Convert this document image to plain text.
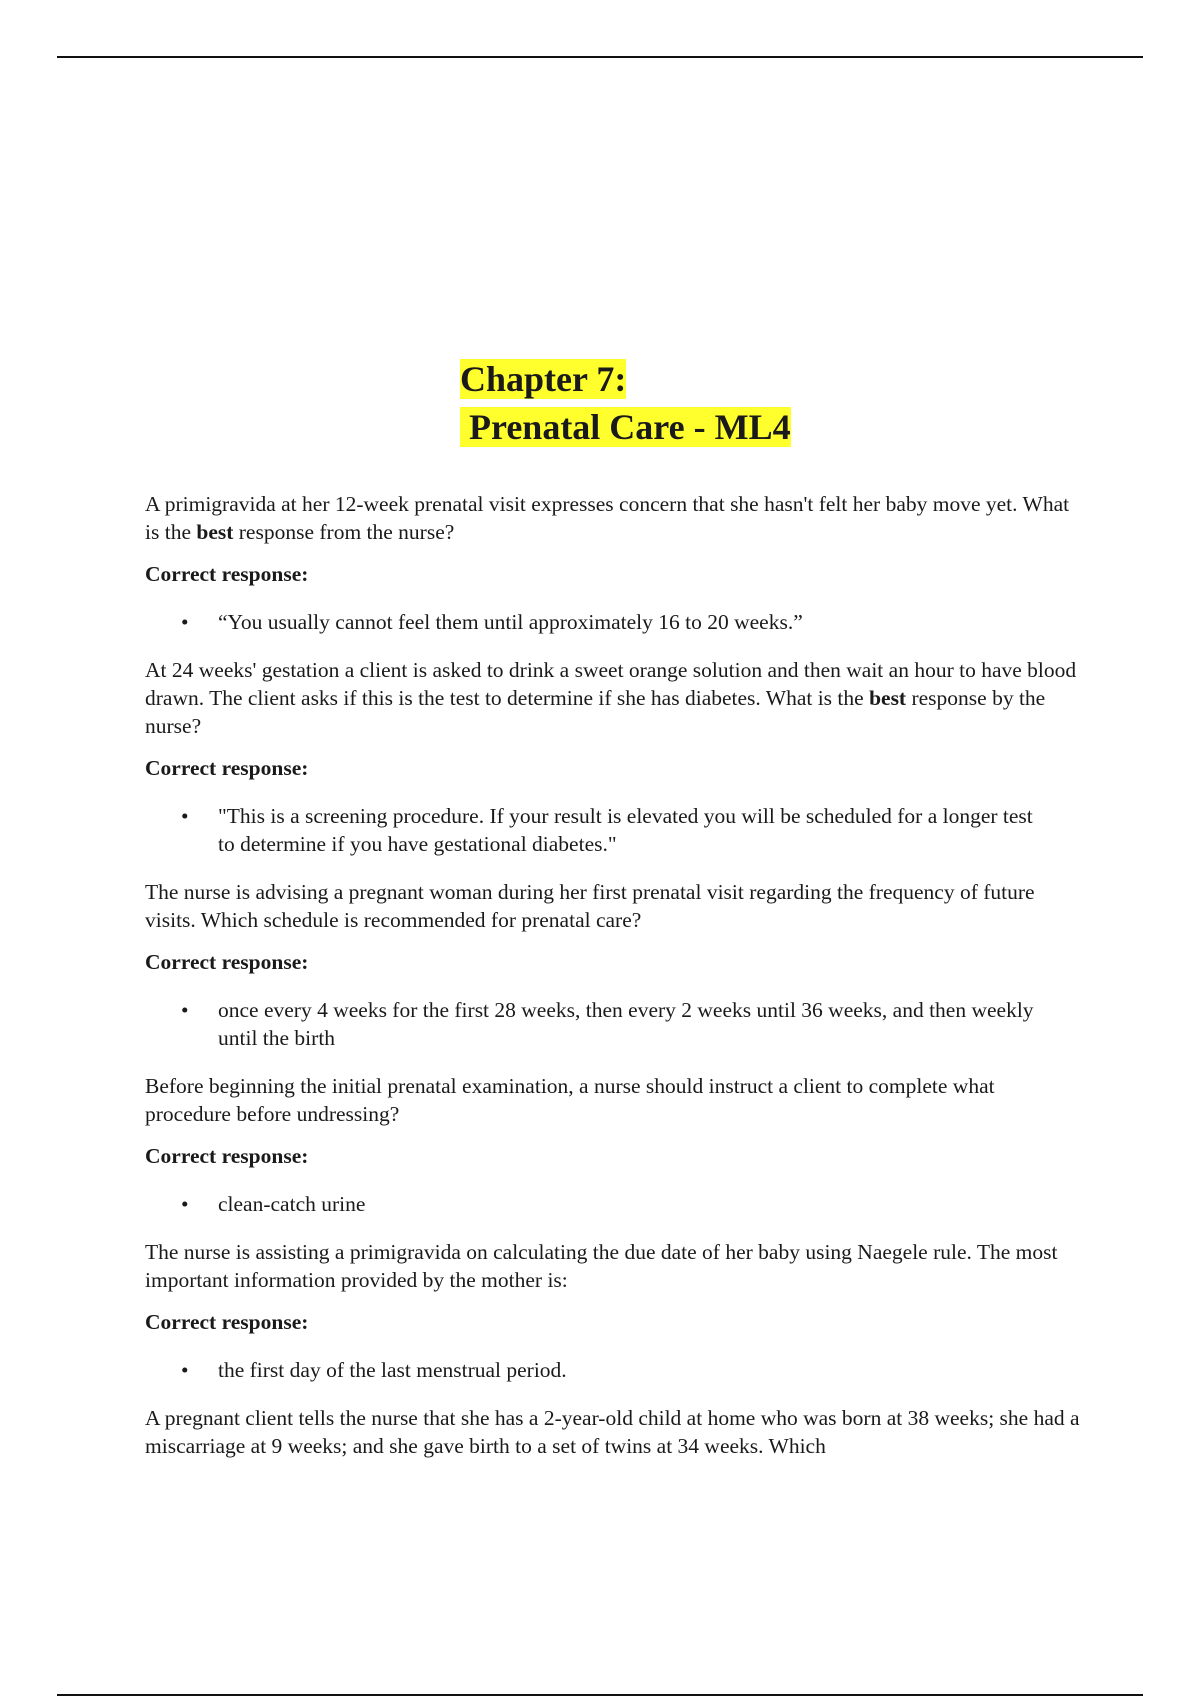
Chapter 7:
Prenatal Care - ML4

A primigravida at her 12-week prenatal visit expresses concern that she hasn't felt her baby move yet. What is the best response from the nurse?

Correct response:

• “You usually cannot feel them until approximately 16 to 20 weeks.”

At 24 weeks' gestation a client is asked to drink a sweet orange solution and then wait an hour to have blood drawn. The client asks if this is the test to determine if she has diabetes. What is the best response by the nurse?

Correct response:

• "This is a screening procedure. If your result is elevated you will be scheduled for a longer test to determine if you have gestational diabetes."

The nurse is advising a pregnant woman during her first prenatal visit regarding the frequency of future visits. Which schedule is recommended for prenatal care?

Correct response:

• once every 4 weeks for the first 28 weeks, then every 2 weeks until 36 weeks, and then weekly until the birth

Before beginning the initial prenatal examination, a nurse should instruct a client to complete what procedure before undressing?

Correct response:

• clean-catch urine

The nurse is assisting a primigravida on calculating the due date of her baby using Naegele rule. The most important information provided by the mother is:

Correct response:

• the first day of the last menstrual period.

A pregnant client tells the nurse that she has a 2-year-old child at home who was born at 38 weeks; she had a miscarriage at 9 weeks; and she gave birth to a set of twins at 34 weeks. Which
